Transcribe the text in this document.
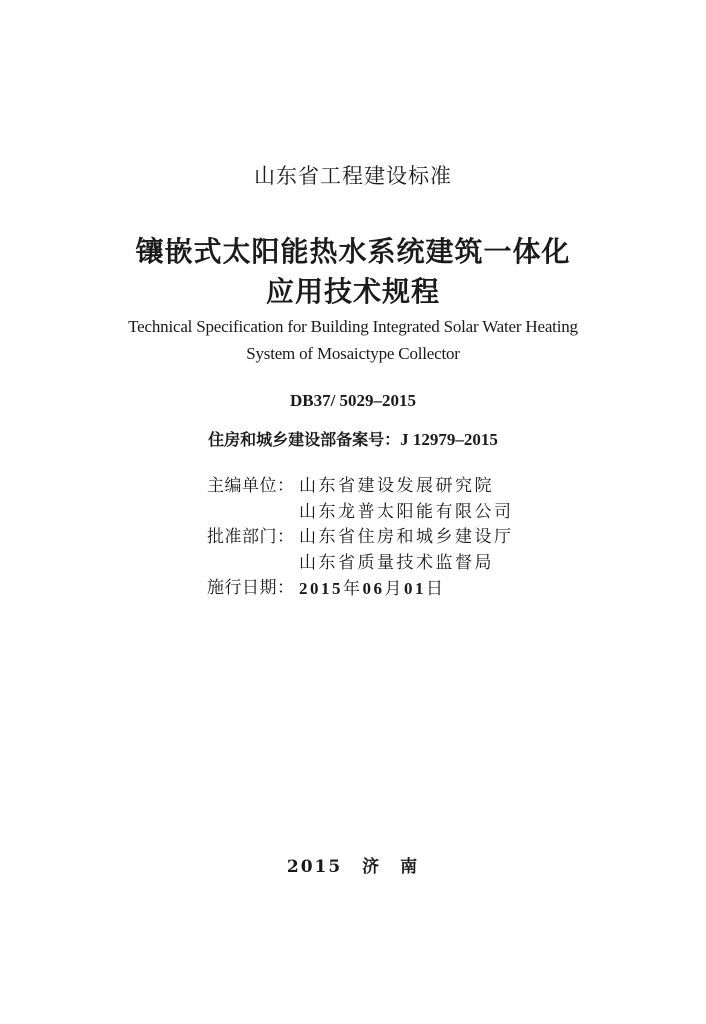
山东省工程建设标准
镶嵌式太阳能热水系统建筑一体化
应用技术规程
Technical Specification for Building Integrated Solar Water Heating
System of Mosaictype Collector
DB37/ 5029–2015
住房和城乡建设部备案号：J 12979–2015
主编单位： 山东省建设发展研究院
山东龙普太阳能有限公司
批准部门： 山东省住房和城乡建设厅
山东省质量技术监督局
施行日期： 2015年06月01日
2015 济　南
